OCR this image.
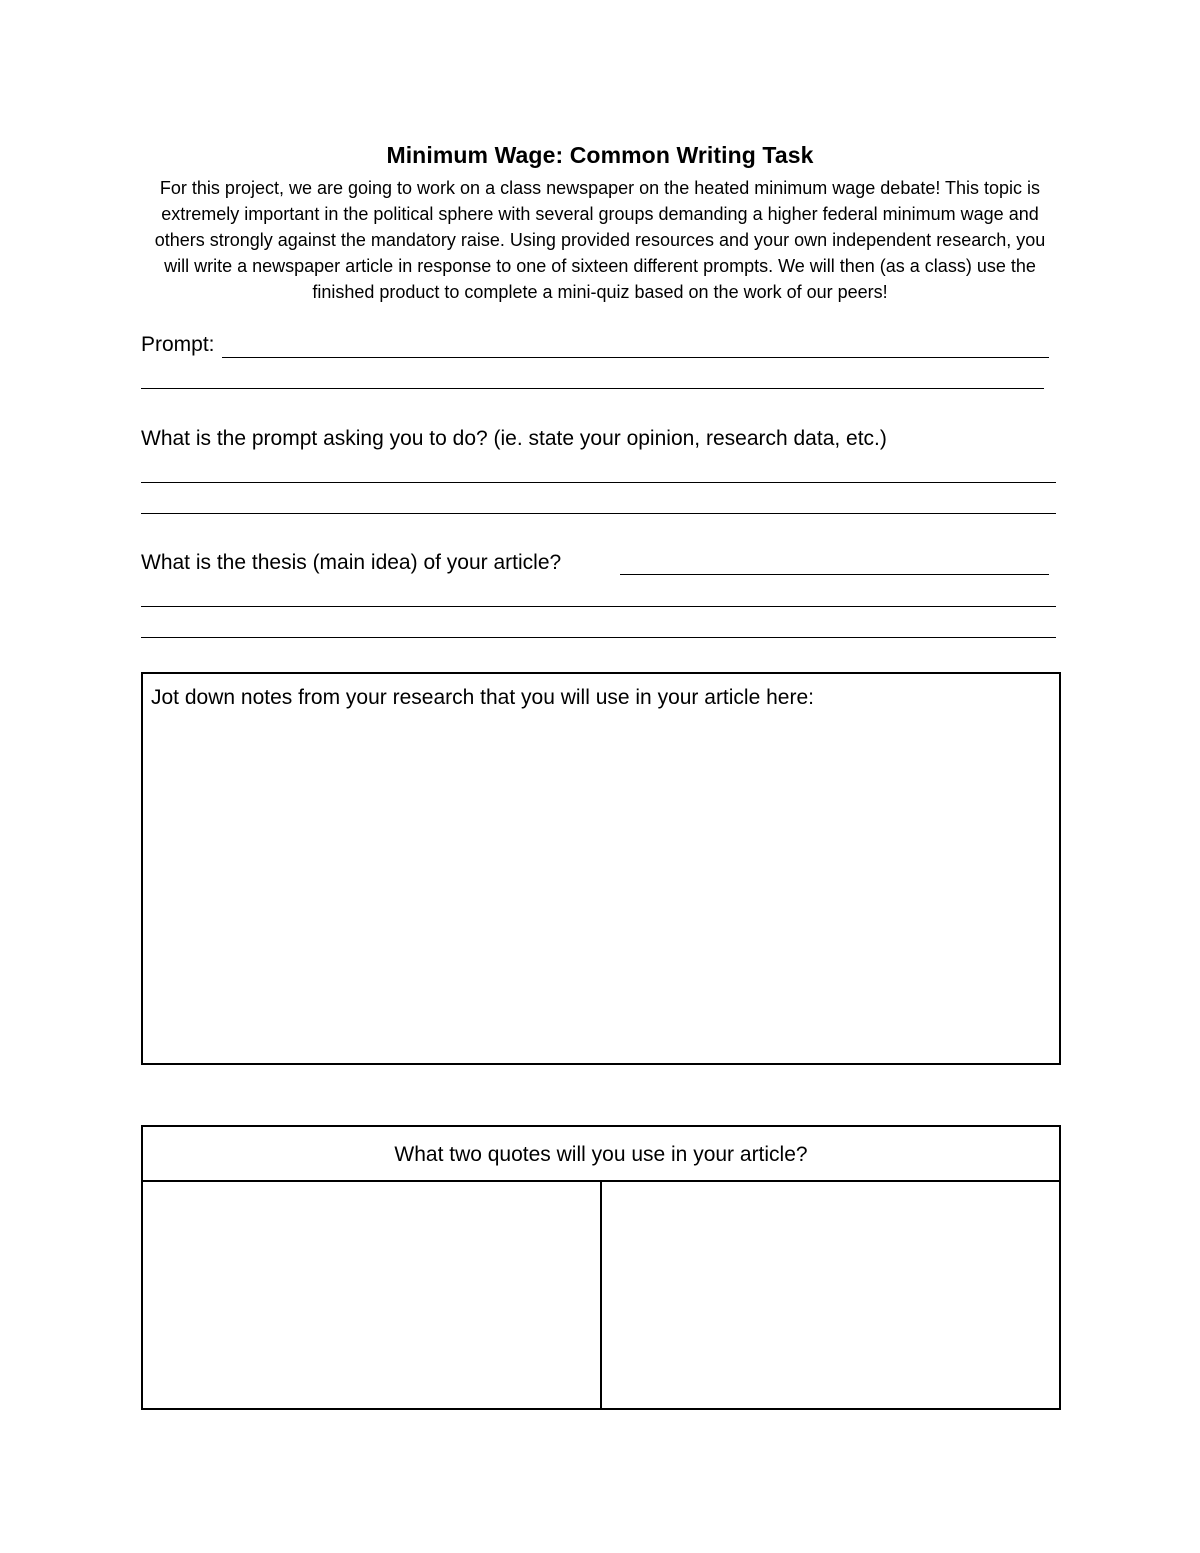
Minimum Wage: Common Writing Task
For this project, we are going to work on a class newspaper on the heated minimum wage debate! This topic is extremely important in the political sphere with several groups demanding a higher federal minimum wage and others strongly against the mandatory raise. Using provided resources and your own independent research, you will write a newspaper article in response to one of sixteen different prompts. We will then (as a class) use the finished product to complete a mini-quiz based on the work of our peers!
Prompt:
What is the prompt asking you to do? (ie. state your opinion, research data, etc.)
What is the thesis (main idea) of your article?
Jot down notes from your research that you will use in your article here:
What two quotes will you use in your article?
